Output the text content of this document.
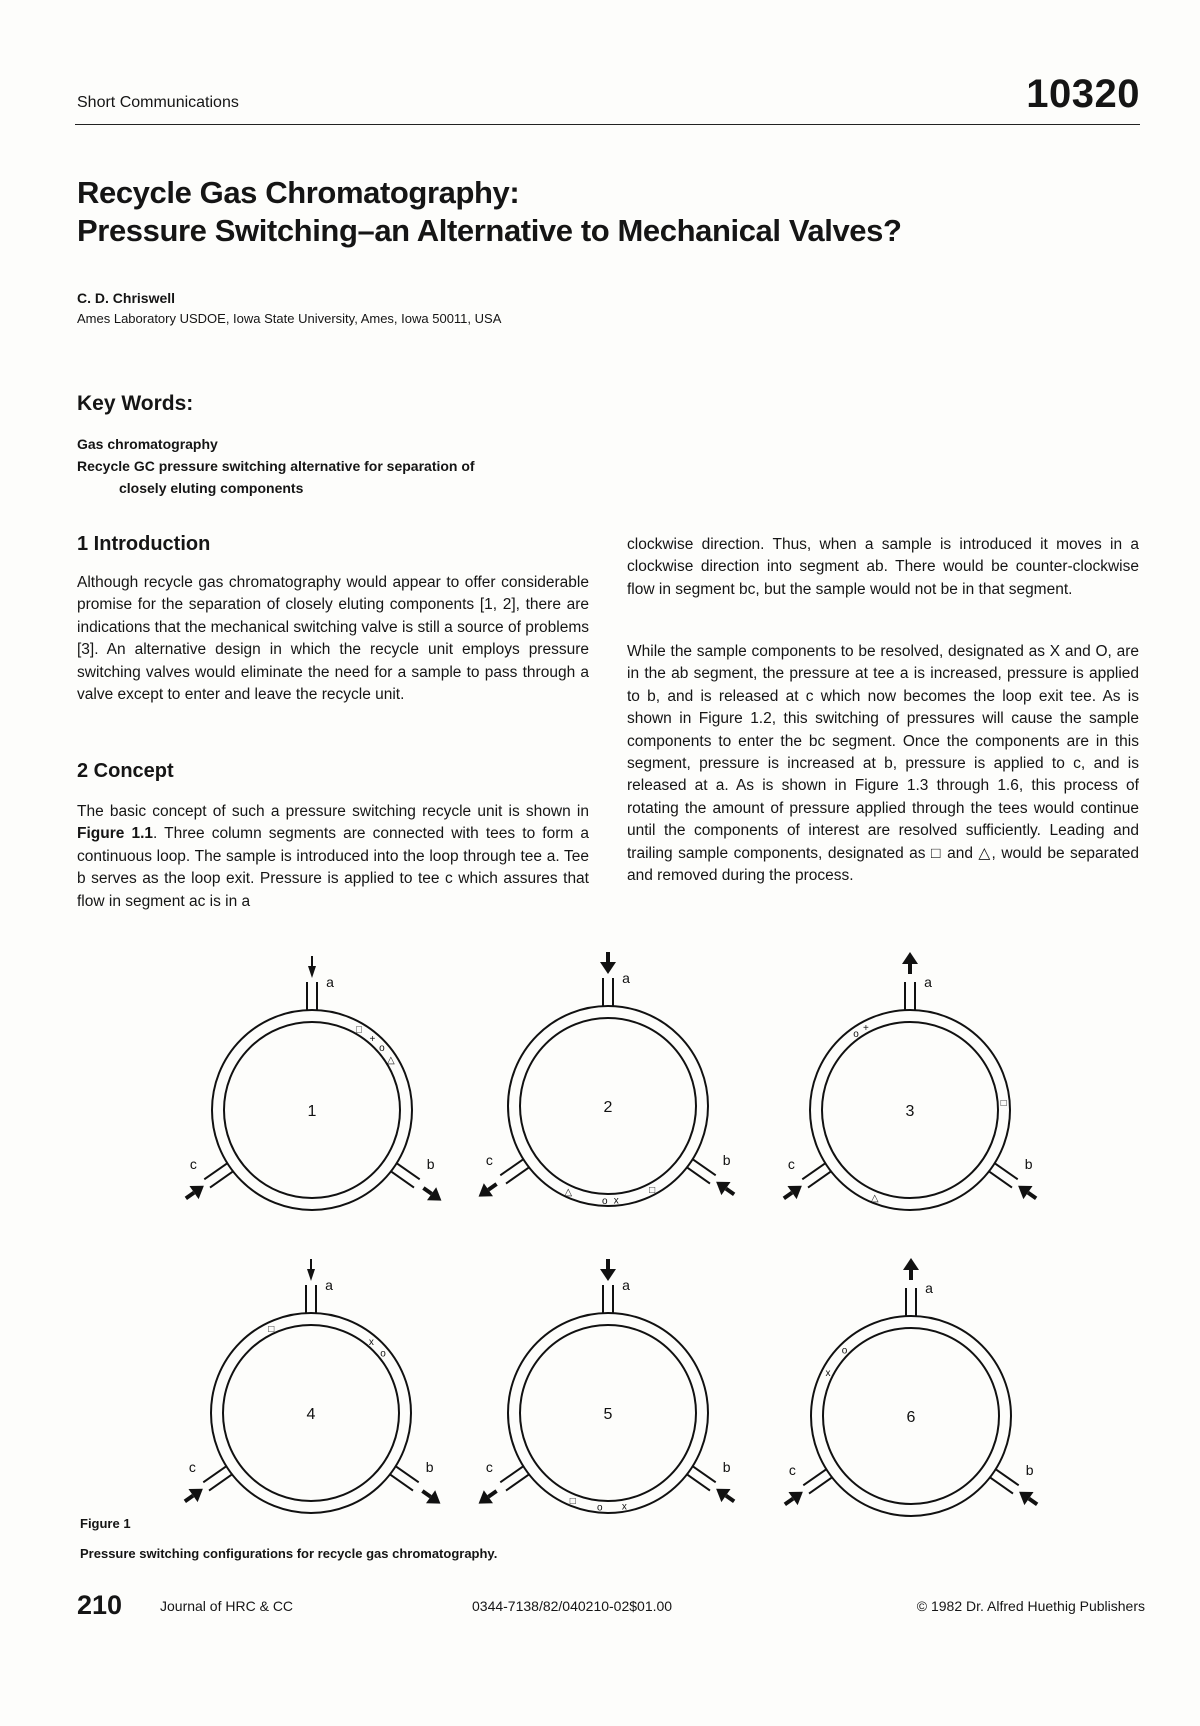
Short Communications	10320
Recycle Gas Chromatography:
Pressure Switching–an Alternative to Mechanical Valves?
C. D. Chriswell
Ames Laboratory USDOE, Iowa State University, Ames, Iowa 50011, USA
Key Words:
Gas chromatography
Recycle GC pressure switching alternative for separation of
closely eluting components
1 Introduction

Although recycle gas chromatography would appear to offer considerable promise for the separation of closely eluting components [1, 2], there are indications that the mechanical switching valve is still a source of problems [3]. An alternative design in which the recycle unit employs pressure switching valves would eliminate the need for a sample to pass through a valve except to enter and leave the recycle unit.

2 Concept

The basic concept of such a pressure switching recycle unit is shown in Figure 1.1. Three column segments are connected with tees to form a continuous loop. The sample is introduced into the loop through tee a. Tee b serves as the loop exit. Pressure is applied to tee c which assures that flow in segment ac is in a

clockwise direction. Thus, when a sample is introduced it moves in a clockwise direction into segment ab. There would be counter-clockwise flow in segment bc, but the sample would not be in that segment.

While the sample components to be resolved, designated as X and O, are in the ab segment, the pressure at tee a is increased, pressure is applied to b, and is released at c which now becomes the loop exit tee. As is shown in Figure 1.2, this switching of pressures will cause the sample components to enter the bc segment. Once the components are in this segment, pressure is increased at b, pressure is applied to c, and is released at a. As is shown in Figure 1.3 through 1.6, this process of rotating the amount of pressure applied through the tees would continue until the components of interest are resolved sufficiently. Leading and trailing sample components, designated as □ and △, would be separated and removed during the process.

1
a
b
c
□
+
o
△
2
a
b
c
△
o x
□
3
a
b
c
o
+
△
□
4
a
b
c
□
x
o
5
a
b
c
□
o x
6
a
b
c
o
x
Figure 1
Pressure switching configurations for recycle gas chromatography.
210	Journal of HRC & CC	0344-7138/82/040210-02$01.00	© 1982 Dr. Alfred Huethig Publishers
